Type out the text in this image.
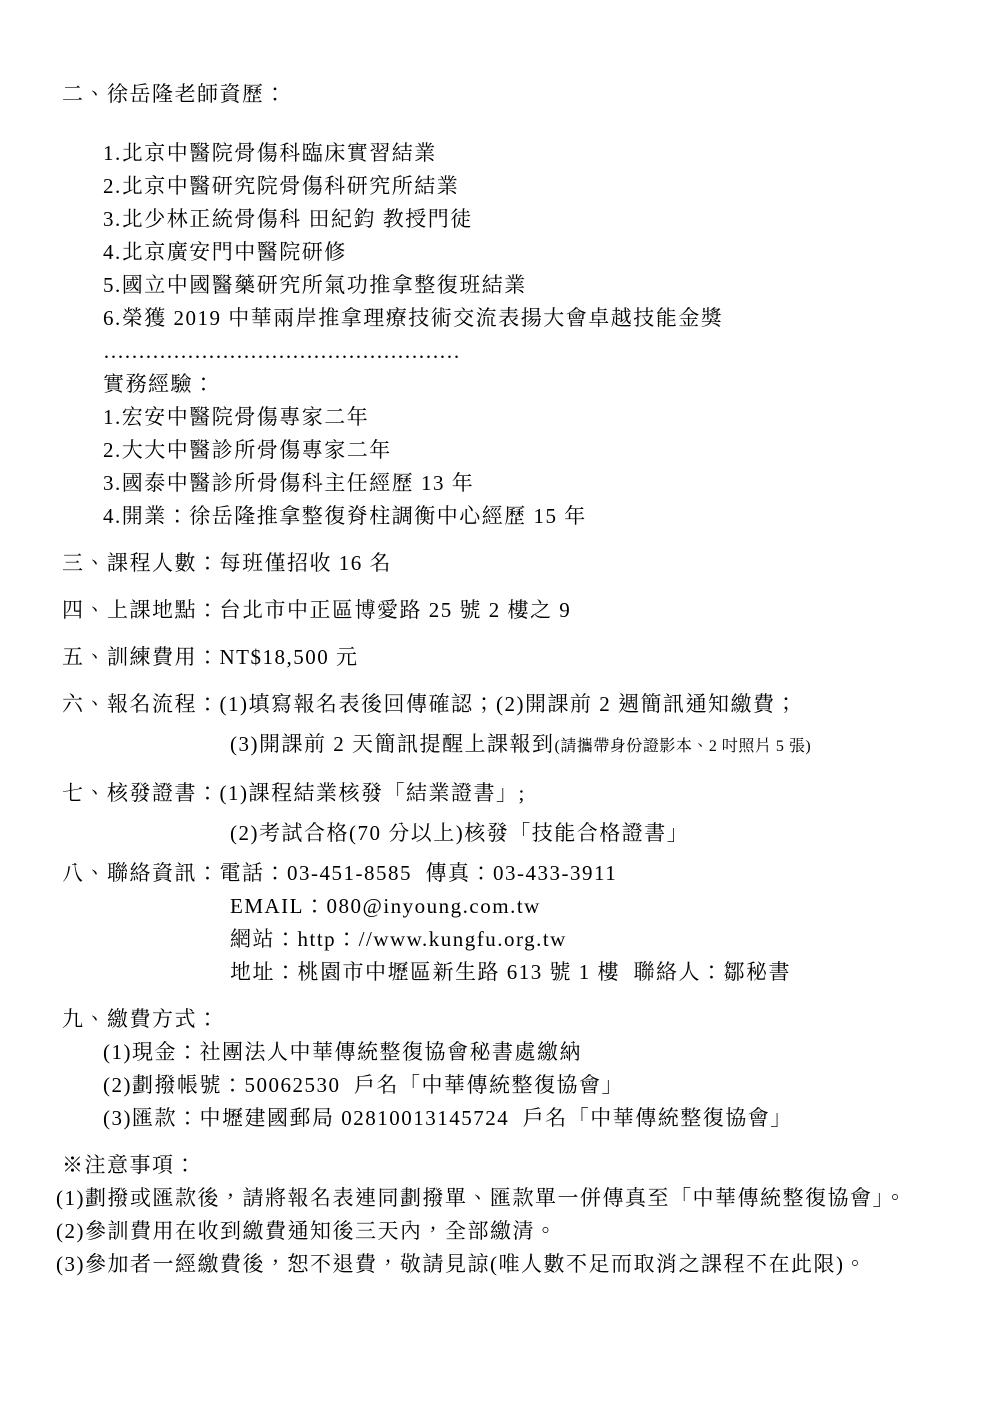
二、徐岳隆老師資歷：
1.北京中醫院骨傷科臨床實習結業
2.北京中醫研究院骨傷科研究所結業
3.北少林正統骨傷科 田紀鈞 教授門徒
4.北京廣安門中醫院研修
5.國立中國醫藥研究所氣功推拿整復班結業
6.榮獲 2019 中華兩岸推拿理療技術交流表揚大會卓越技能金獎
……………………………………………
實務經驗：
1.宏安中醫院骨傷專家二年
2.大大中醫診所骨傷專家二年
3.國泰中醫診所骨傷科主任經歷 13 年
4.開業：徐岳隆推拿整復脊柱調衡中心經歷 15 年
三、課程人數：每班僅招收 16 名
四、上課地點：台北市中正區博愛路 25 號 2 樓之 9
五、訓練費用：NT$18,500 元
六、報名流程：(1)填寫報名表後回傳確認；(2)開課前 2 週簡訊通知繳費；
(3)開課前 2 天簡訊提醒上課報到(請攜帶身份證影本、2 吋照片 5 張)
七、核發證書：(1)課程結業核發「結業證書」;
(2)考試合格(70 分以上)核發「技能合格證書」
八、聯絡資訊：電話：03-451-8585  傳真：03-433-3911
EMAIL：080@inyoung.com.tw
網站：http：//www.kungfu.org.tw
地址：桃園市中壢區新生路 613 號 1 樓  聯絡人：鄒秘書
九、繳費方式：
(1)現金：社團法人中華傳統整復協會秘書處繳納
(2)劃撥帳號：50062530  戶名「中華傳統整復協會」
(3)匯款：中壢建國郵局 02810013145724  戶名「中華傳統整復協會」
※注意事項：
(1)劃撥或匯款後，請將報名表連同劃撥單、匯款單一併傳真至「中華傳統整復協會」。
(2)參訓費用在收到繳費通知後三天內，全部繳清。
(3)參加者一經繳費後，恕不退費，敬請見諒(唯人數不足而取消之課程不在此限)。
